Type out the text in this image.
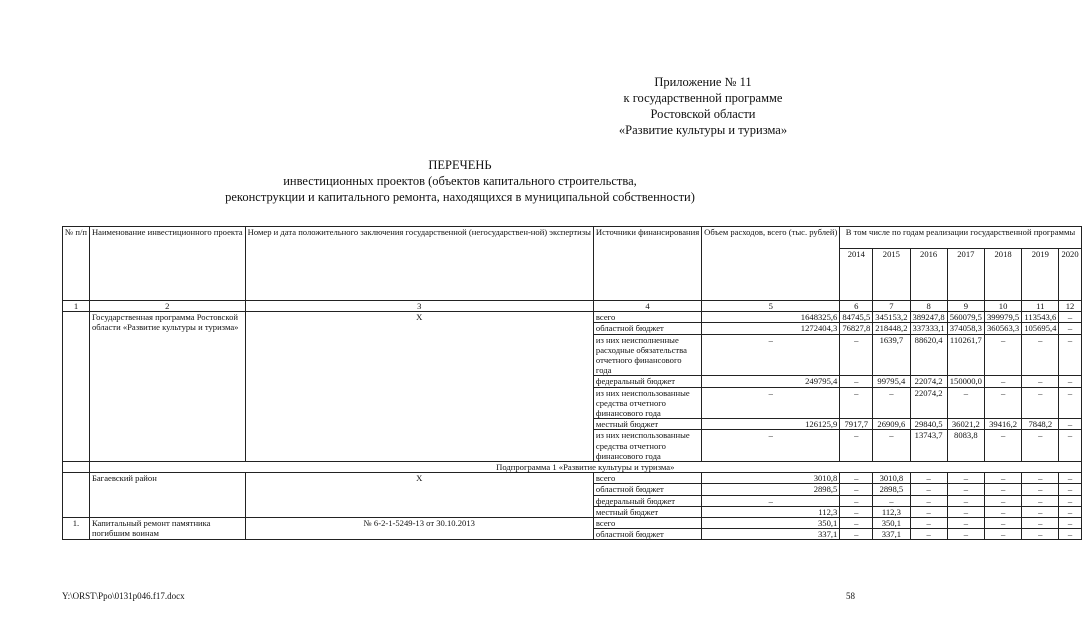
Приложение № 11
к государственной программе
Ростовской области
«Развитие культуры и туризма»
ПЕРЕЧЕНЬ
инвестиционных проектов (объектов капитального строительства,
реконструкции и капитального ремонта, находящихся в муниципальной собственности)
№ п/п	Наименование инвестиционного проекта	Номер и дата положительного заключения государственной (негосударствен-ной) экспертизы	Источники финансирования	Объем расходов, всего (тыс. рублей)	В том числе по годам реализации государственной программы						
					2014	2015	2016	2017	2018	2019	2020
1	2	3	4	5	6	7	8	9	10	11	12
	Государственная программа Ростовской области «Развитие культуры и туризма»	Х	всего	1648325,6	84745,5	345153,2	389247,8	560079,5	399979,5	113543,6	–
			областной бюджет	1272404,3	76827,8	218448,2	337333,1	374058,3	360563,3	105695,4	–
			из них неисполненные расходные обязательства отчетного финансового года	–	–	1639,7	88620,4	110261,7	–	–	–
			федеральный бюджет	249795,4	–	99795,4	22074,2	150000,0	–	–	–
			из них неиспользованные средства отчетного финансового года	–	–	–	22074,2	–	–	–	–
			местный бюджет	126125,9	7917,7	26909,6	29840,5	36021,2	39416,2	7848,2	–
			из них неиспользованные средства отчетного финансового года	–	–	–	13743,7	8083,8	–	–	–
	Подпрограмма 1 «Развитие культуры и туризма»										
	Багаевский район	Х	всего	3010,8	–	3010,8	–	–	–	–	–
			областной бюджет	2898,5	–	2898,5	–	–	–	–	–
			федеральный бюджет	–	–	–	–	–	–	–	–
			местный бюджет	112,3	–	112,3	–	–	–	–	–
1.	Капитальный ремонт памятника погибшим воинам	№ 6-2-1-5249-13 от 30.10.2013	всего	350,1	–	350,1	–	–	–	–	–
			областной бюджет	337,1	–	337,1	–	–	–	–	–
Y:\ORST\Ppo\0131p046.f17.docx	58
